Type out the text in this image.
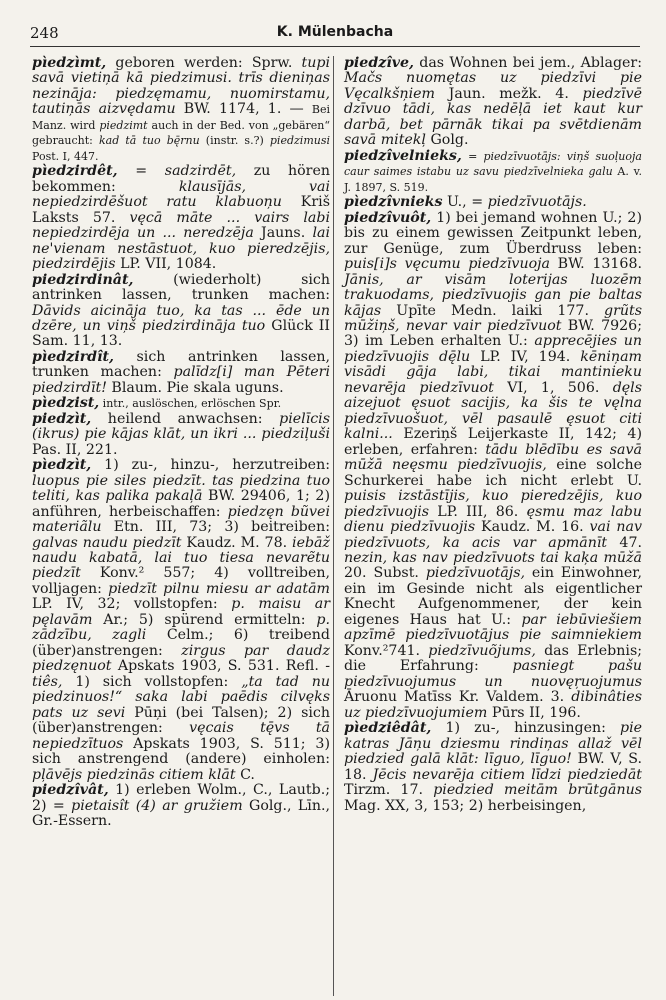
248	K. Mülenbacha

pìedzìmt, geboren werden: Sprw. tupi savā vietiņā kā piedzimusi. trīs dieniņas nezināja: piedzęmamu, nuomirstamu, tautiņās aizvędamu BW. 1174, 1. — Bei Manz. wird piedzimt auch in der Bed. von „gebären“ gebraucht: kad tā tuo bę̄rnu (instr. s.?) piedzimusi Post. I, 447.

pìedzirdêt, = sadzirdēt, zu hören bekommen: klausījās, vai nepiedzirdēšuot ratu klabuoņu Kriš Laksts 57. vęcā māte ... vairs labi nepiedzirdēja un ... neredzēja Jauns. lai ne'vienam nestāstuot, kuo pieredzējis, piedzirdējis LP. VII, 1084.

piedzirdinât, (wiederholt) sich antrinken lassen, trunken machen: Dāvids aicināja tuo, ka tas ... ēde un dzēre, un viņš piedzirdināja tuo Glück II Sam. 11, 13.

pìedzirdît, sich antrinken lassen, trunken machen: palīdz[i] man Pēteri piedzirdīt! Blaum. Pie skala uguns.

pìedzist, intr., auslöschen, erlöschen Spr.

piedzìt, heilend anwachsen: pielīcis (ikrus) pie kājas klāt, un ikri ... piedziļuši Pas. II, 221.

pìedzìt, 1) zu-, hinzu-, herzutreiben: luopus pie siles piedzīt. tas piedzina tuo teliti, kas palika pakaļā BW. 29406, 1; 2) anführen, herbeischaffen: piedzęn bũvei materiãlu Etn. III, 73; 3) beitreiben: galvas naudu piedzīt Kaudz. M. 78. iebāž naudu kabatā, lai tuo tiesa nevarẽtu piedzīt Konv.² 557; 4) volltreiben, volljagen: piedzīt pilnu miesu ar adatām LP. IV, 32; vollstopfen: p. maisu ar pęlavām Ar.; 5) spürend ermitteln: p. zādzību, zagli Celm.; 6) treibend (über)anstrengen: zirgus par daudz piedzęnuot Apskats 1903, S. 531. Refl. -tiês, 1) sich vollstopfen: „ta tad nu piedzinuos!“ saka labi paēdis cilvęks pats uz sevi Pūņi (bei Talsen); 2) sich (über)anstrengen: vęcais tę̄vs tā nepiedzītuos Apskats 1903, S. 511; 3) sich anstrengend (andere) einholen: pļāvējs piedzinās citiem klāt C.

piedzîvât, 1) erleben Wolm., C., Lautb.; 2) = pietaisît (4) ar gružiem Golg., Līn., Gr.-Essern.

piedzîve, das Wohnen bei jem., Ablager: Mačs nuomętas uz piedzīvi pie Vęcalkšņiem Jaun. mežk. 4. piedzīvē dzīvuo tādi, kas nedēļā iet kaut kur darbā, bet pārnāk tikai pa svētdienām savā mitekļ Golg.

piedzîvelnieks, = piedzīvuotājs: viņš suoļuoja caur saimes istabu uz savu piedzīvelnieka galu A. v. J. 1897, S. 519.

pìedzîvnieks U., = piedzīvuotājs.

piedzîvuôt, 1) bei jemand wohnen U.; 2) bis zu einem gewissen Zeitpunkt leben, zur Genüge, zum Überdruss leben: puis[i]s vęcumu piedzīvuoja BW. 13168. Jānis, ar visām loterijas luozēm trakuodams, piedzīvuojis gan pie baltas kājas Upīte Medn. laiki 177. grũts mūžiņš, nevar vair piedzīvuot BW. 7926; 3) im Leben erhalten U.: apprecējies un piedzīvuojis dę̄lu LP. IV, 194. kēniņam visādi gāja labi, tikai mantinieku nevarēja piedzīvuot VI, 1, 506. dęls aizejuot ęsuot sacijis, ka šis te vęlna piedzīvuošuot, vēl pasaulē ęsuot citi kalni... Ezeriņš Leijerkaste II, 142; 4) erleben, erfahren: tādu blēdību es savā mūžā neęsmu piedzīvuojis, eine solche Schurkerei habe ich nicht erlebt U. puisis izstāstījis, kuo pieredzējis, kuo piedzīvuojis LP. III, 86. ęsmu maz labu dienu piedzīvuojis Kaudz. M. 16. vai nav piedzīvuots, ka acis var apmānīt 47. nezin, kas nav piedzīvuots tai kaķa mūžā 20. Subst. piedzīvuotājs, ein Einwohner, ein im Gesinde nicht als eigentlicher Knecht Aufgenommener, der kein eigenes Haus hat U.: par iebūviešiem apzīmē piedzīvuotājus pie saimniekiem Konv.²741. piedzīvuõjums, das Erlebnis; die Erfahrung: pasniegt pašu piedzīvuojumus un nuovęŗuojumus Āruonu Matīss Kr. Valdem. 3. dibinâties uz piedzīvuojumiem Pūrs II, 196.

pìedziêdât, 1) zu-, hinzusingen: pie katras Jāņu dziesmu rindiņas allaž vēl piedzied galā klāt: līguo, līguo! BW. V, S. 18. Jēcis nevarēja citiem līdzi piedziedāt Tirzm. 17. piedzied meitām brūtgānus Mag. XX, 3, 153; 2) herbeisingen,
